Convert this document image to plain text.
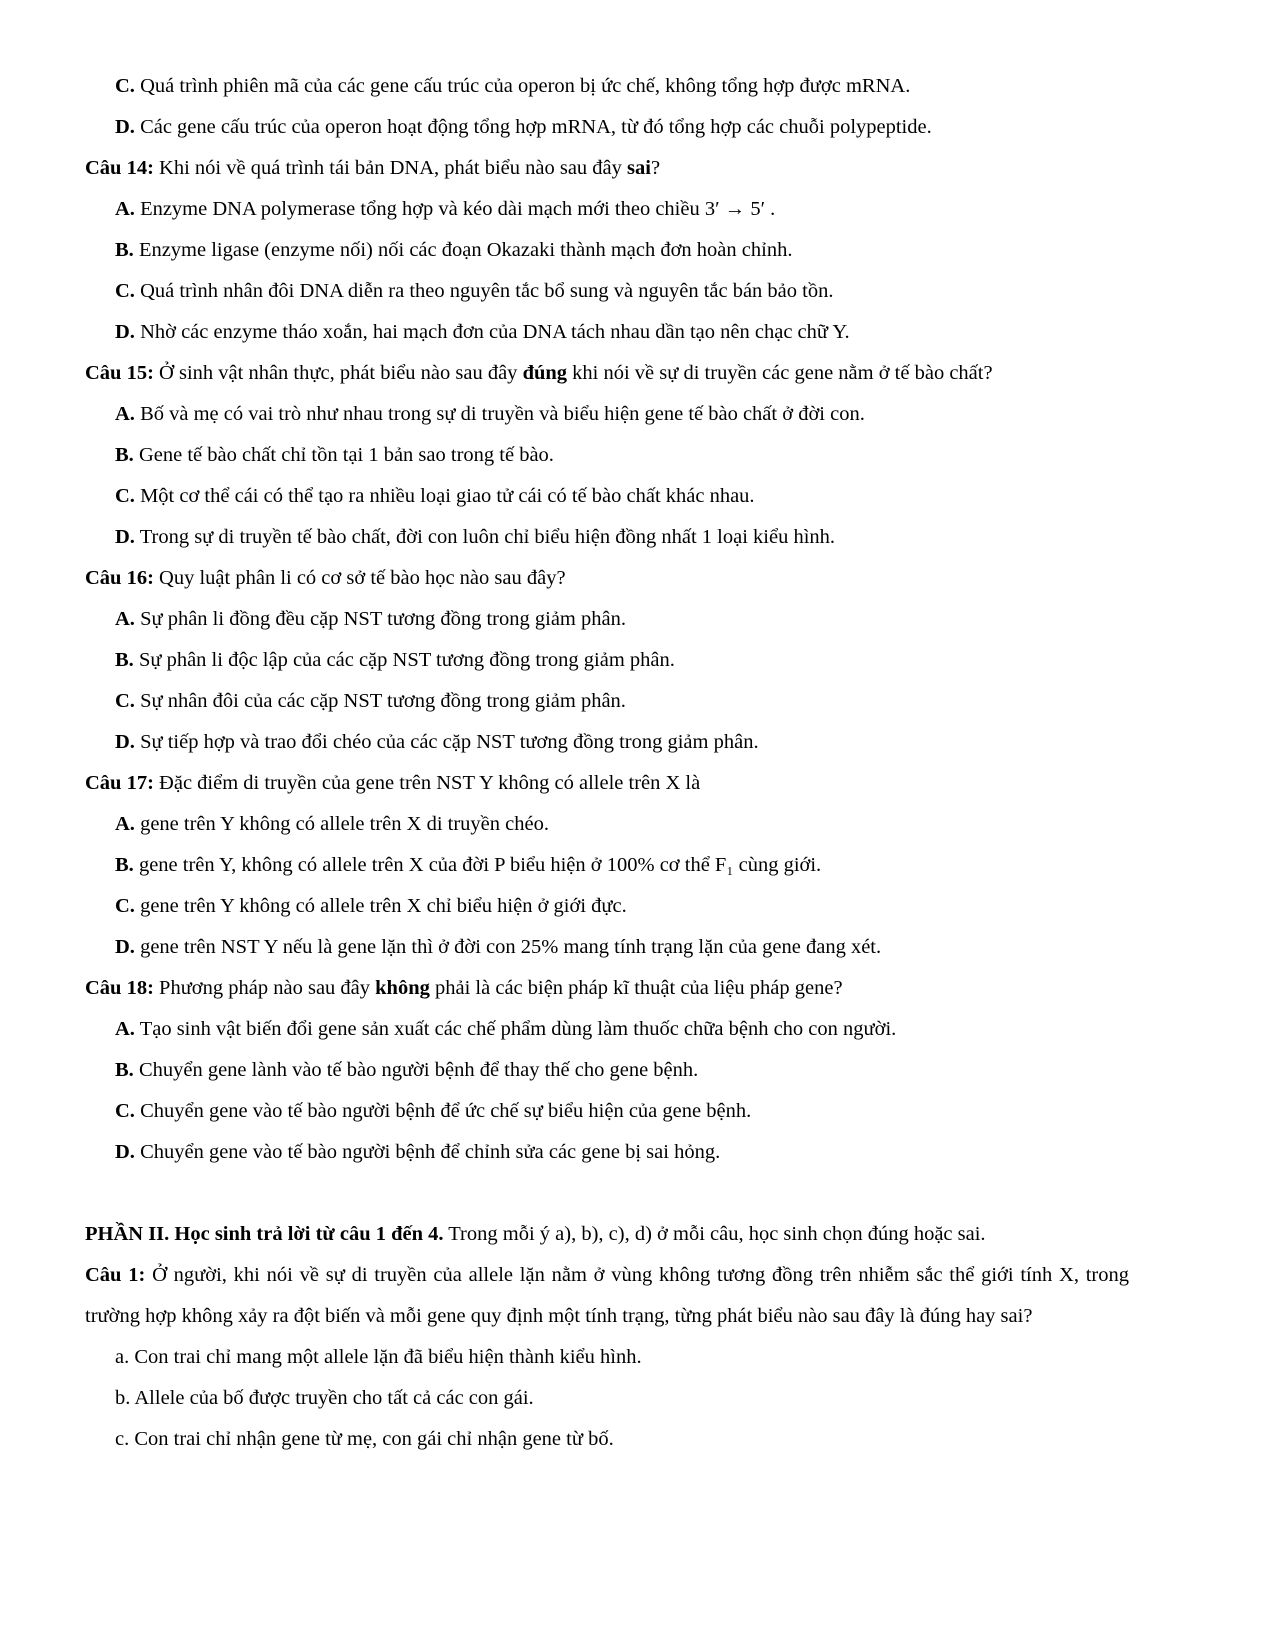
C. Quá trình phiên mã của các gene cấu trúc của operon bị ức chế, không tổng hợp được mRNA.

D. Các gene cấu trúc của operon hoạt động tổng hợp mRNA, từ đó tổng hợp các chuỗi polypeptide.

Câu 14: Khi nói về quá trình tái bản DNA, phát biểu nào sau đây sai?

A. Enzyme DNA polymerase tổng hợp và kéo dài mạch mới theo chiều 3′ → 5′ .

B. Enzyme ligase (enzyme nối) nối các đoạn Okazaki thành mạch đơn hoàn chỉnh.

C. Quá trình nhân đôi DNA diễn ra theo nguyên tắc bổ sung và nguyên tắc bán bảo tồn.

D. Nhờ các enzyme tháo xoắn, hai mạch đơn của DNA tách nhau dần tạo nên chạc chữ Y.

Câu 15: Ở sinh vật nhân thực, phát biểu nào sau đây đúng khi nói về sự di truyền các gene nằm ở tế bào chất?

A. Bố và mẹ có vai trò như nhau trong sự di truyền và biểu hiện gene tế bào chất ở đời con.

B. Gene tế bào chất chỉ tồn tại 1 bản sao trong tế bào.

C. Một cơ thể cái có thể tạo ra nhiều loại giao tử cái có tế bào chất khác nhau.

D. Trong sự di truyền tế bào chất, đời con luôn chỉ biểu hiện đồng nhất 1 loại kiểu hình.

Câu 16: Quy luật phân li có cơ sở tế bào học nào sau đây?

A. Sự phân li đồng đều cặp NST tương đồng trong giảm phân.

B. Sự phân li độc lập của các cặp NST tương đồng trong giảm phân.

C. Sự nhân đôi của các cặp NST tương đồng trong giảm phân.

D. Sự tiếp hợp và trao đổi chéo của các cặp NST tương đồng trong giảm phân.

Câu 17: Đặc điểm di truyền của gene trên NST Y không có allele trên X là

A. gene trên Y không có allele trên X di truyền chéo.

B. gene trên Y, không có allele trên X của đời P biểu hiện ở 100% cơ thể F₁ cùng giới.

C. gene trên Y không có allele trên X chỉ biểu hiện ở giới đực.

D. gene trên NST Y nếu là gene lặn thì ở đời con 25% mang tính trạng lặn của gene đang xét.

Câu 18: Phương pháp nào sau đây không phải là các biện pháp kĩ thuật của liệu pháp gene?

A. Tạo sinh vật biến đổi gene sản xuất các chế phẩm dùng làm thuốc chữa bệnh cho con người.

B. Chuyển gene lành vào tế bào người bệnh để thay thế cho gene bệnh.

C. Chuyển gene vào tế bào người bệnh để ức chế sự biểu hiện của gene bệnh.

D. Chuyển gene vào tế bào người bệnh để chỉnh sửa các gene bị sai hỏng.

PHẦN II. Học sinh trả lời từ câu 1 đến 4. Trong mỗi ý a), b), c), d) ở mỗi câu, học sinh chọn đúng hoặc sai.

Câu 1: Ở người, khi nói về sự di truyền của allele lặn nằm ở vùng không tương đồng trên nhiễm sắc thể giới tính X, trong trường hợp không xảy ra đột biến và mỗi gene quy định một tính trạng, từng phát biểu nào sau đây là đúng hay sai?

a. Con trai chỉ mang một allele lặn đã biểu hiện thành kiểu hình.

b. Allele của bố được truyền cho tất cả các con gái.

c. Con trai chỉ nhận gene từ mẹ, con gái chỉ nhận gene từ bố.
